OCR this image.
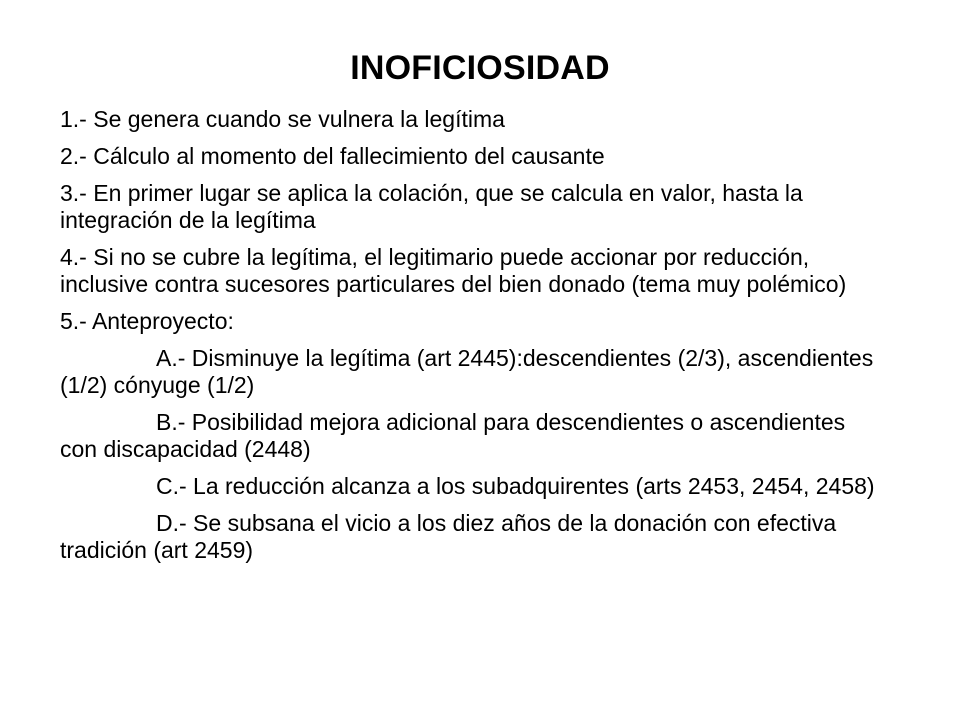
INOFICIOSIDAD
1.- Se genera cuando se vulnera la legítima
2.- Cálculo al momento del fallecimiento del causante
3.- En primer lugar se aplica la colación, que se calcula en valor, hasta la integración de la legítima
4.- Si no se cubre la legítima, el legitimario puede accionar por reducción, inclusive contra sucesores particulares del bien donado (tema muy polémico)
5.- Anteproyecto:
A.- Disminuye la legítima (art 2445):descendientes (2/3), ascendientes (1/2) cónyuge (1/2)
B.- Posibilidad mejora adicional para descendientes o ascendientes con discapacidad (2448)
C.- La reducción alcanza a los subadquirentes (arts 2453, 2454, 2458)
D.- Se subsana el vicio a los diez años de la donación con efectiva tradición (art 2459)
